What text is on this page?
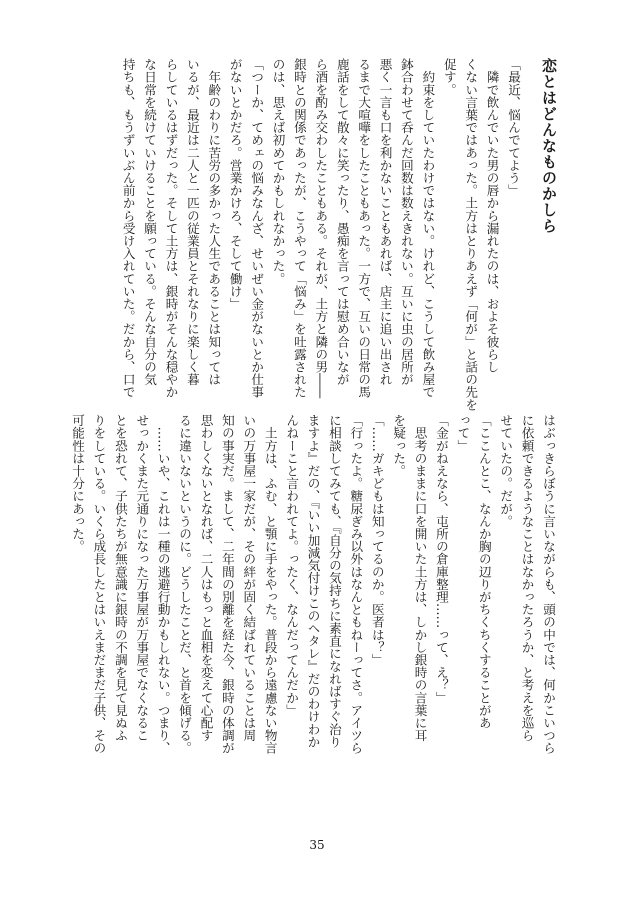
恋とはどんなものかしら

「最近、悩んでてよう」

　隣で飲んでいた男の唇から漏れたのは、およそ彼らし

くない言葉ではあった。土方はとりあえず「何が」と話の先を

促す。

　約束をしていたわけではない。けれど、こうして飲み屋で

鉢合わせて呑んだ回数は数えきれない。互いに虫の居所が

悪く一言も口を利かないこともあれば、店主に追い出され

るまで大喧嘩をしたこともあった。一方で、互いの日常の馬

鹿話をして散々に笑ったり、愚痴を言っては慰め合いなが

ら酒を酌み交わしたこともある。それが、土方と隣の男――

銀時との関係であったが、こうやって「悩み」を吐露された

のは、思えば初めてかもしれなかった。

「つーか、てめェの悩みなんざ、せいぜい金がないとか仕事

がないとかだろ。営業かけろ、そして働け」

　年齢のわりに苦労の多かった人生であることは知っては

いるが、最近は二人と一匹の従業員とそれなりに楽しく暮

らしているはずだった。そして土方は、銀時がそんな穏やか

な日常を続けていけることを願っている。そんな自分の気

持ちも、もうずいぶん前から受け入れていた。だから、口で

はぶっきらぼうに言いながらも、頭の中では、何かこいつら

に依頼できるようなことはなかったろうか、と考えを巡ら

せていたの。だが。

「ここんとこ、なんか胸の辺りがちくちくすることがあ

って」

「金がねえなら、屯所の倉庫整理……って、え？」

　思考のままに口を開いた土方は、しかし銀時の言葉に耳

を疑った。

「……ガキどもは知ってるのか。医者は？」

「行ったよ。糖尿ぎみ以外はなんともねーってさ。アイツら

に相談してみても、『自分の気持ちに素直になればすぐ治り

ますよ』だの、『いい加減気付けこのヘタレ』だのわけわか

んねーこと言われてよ。ったく、なんだってんだか」

　土方は、ふむ、と顎に手をやった。普段から遠慮ない物言

いの万事屋一家だが、その絆が固く結ばれていることは周

知の事実だ。まして、二年間の別離を経た今、銀時の体調が

思わしくないとなれば、二人はもっと血相を変えて心配す

るに違いないというのに。どうしたことだ、と首を傾げる。

　……いや、これは一種の逃避行動かもしれない。つまり、

せっかくまた元通りになった万事屋が万事屋でなくなるこ

とを恐れて、子供たちが無意識に銀時の不調を見て見ぬふ

りをしている。いくら成長したとはいえまだまだ子供、その

可能性は十分にあった。

35
